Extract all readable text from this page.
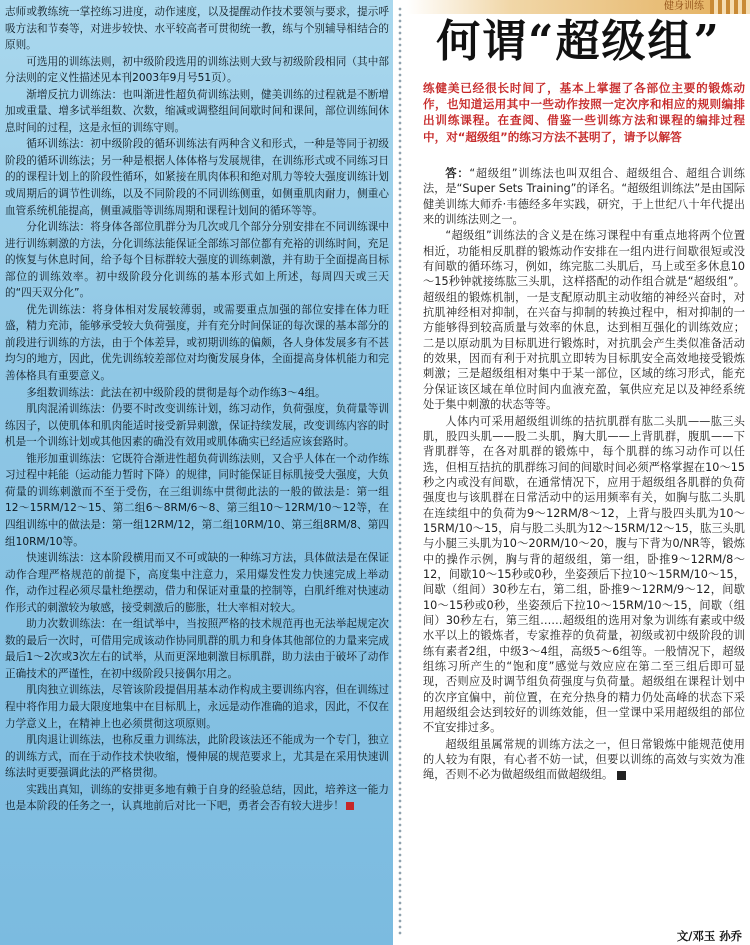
志师或教练统一掌控练习进度，动作速度，以及提醒动作技术要领与要求，提示呼吸方法和节奏等，对进步较快、水平较高者可贯彻统一教，练与个别辅导相结合的原则。

可选用的训练法则，初中级阶段选用的训练法则大致与初级阶段相同（其中部分法则的定义性描述见本刊2003年9月号51页）。

渐增反抗力训练法：也叫渐进性超负荷训练法则，健美训练的过程就是不断增加或重量、增多试举组数、次数，缩减或调整组间间歇时间和课间，部位训练间休息时间的过程，这是永恒的训练守则。

循环训练法：初中级阶段的循环训练法有两种含义和形式，一种是等同于初级阶段的循环训练法；另一种是根据人体体格与发展规律，在训练形式或不同练习日的的课程计划上的阶段性循环，如紧接在肌肉体积和绝对肌力等较大强度训练计划或周期后的调节性训练，以及不同阶段的不同训练侧重，如侧重肌肉耐力，侧重心血管系统机能提高，侧重减脂等训练周期和课程计划间的循环等等。

分化训练法：将身体各部位肌群分为几次或几个部分分别安排在不同训练课中进行训练刺激的方法，分化训练法能保证全部练习部位都有充裕的训练时间，充足的恢复与休息时间，给予每个目标群较大强度的训练刺激，并有助于全面提高目标部位的训练效率。初中级阶段分化训练的基本形式如上所述，每周四天或三天的“四天双分化”。

优先训练法：将身体相对发展较薄弱，或需要重点加强的部位安排在体力旺盛，精力充沛，能够承受较大负荷强度，并有充分时间保证的每次课的基本部分的前段进行训练的方法，由于个体差异，或初期训练的偏颇，各人身体发展多有不甚均匀的地方，因此，优先训练较差部位对均衡发展身体，全面提高身体机能力和完善体格具有重要意义。

多组数训练法：此法在初中级阶段的贯彻是每个动作练3～4组。

肌肉混淆训练法：仍要不时改变训练计划，练习动作，负荷强度，负荷量等训练因子，以使肌体和肌肉能适时接受新异刺激，保证持续发展，改变训练内容的时机是一个训练计划或其他因素的确没有效用或肌体确实已经适应该套路时。

锥形加重训练法：它既符合渐进性超负荷训练法则，又合乎人体在一个动作练习过程中耗能（运动能力暂时下降）的规律，同时能保证目标肌接受大强度，大负荷量的训练刺激而不至于受伤，在三组训练中贯彻此法的一般的做法是：第一组12～15RM/12～15、第二组6～8RM/6～8、第三组10～12RM/10～12等，在四组训练中的做法是：第一组12RM/12，第二组10RM/10、第三组8RM/8、第四组10RM/10等。

快速训练法：这本阶段横用而又不可或缺的一种练习方法，具体做法是在保证动作合理严格规范的前提下，高度集中注意力，采用爆发性发力快速完成上举动作，动作过程必须尽量杜绝摆动，借力和保证对重量的控制等，白肌纤维对快速动作形式的刺激较为敏感，接受刺激后的膨胀，壮大率相对较大。

助力次数训练法：在一组试举中，当按照严格的技术规范再也无法举起规定次数的最后一次时，可借用完成该动作协同肌群的肌力和身体其他部位的力量来完成最后1～2次或3次左右的试举，从而更深地刺激目标肌群，助力法由于破坏了动作正确技术的严谨性，在初中级阶段只接偶尔用之。

肌肉独立训练法，尽管该阶段提倡用基本动作构成主要训练内容，但在训练过程中将作用力最大限度地集中在目标肌上，永远是动作准确的追求，因此，不仅在力学意义上，在精神上也必须贯彻这项原则。

肌肉退让训练法，也称反重力训练法，此阶段该法还不能成为一个专门，独立的训练方式，而在于动作技术快收缩，慢伸展的规范要求上，尤其是在采用快速训练法时更要强调此法的严格贯彻。

实践出真知，训练的安排更多地有赖于自身的经验总结，因此，培养这一能力也是本阶段的任务之一，认真地前后对比一下吧，勇者会否有较大进步！

健身训练
何谓“超级组”
练健美已经很长时间了，基本上掌握了各部位主要的锻炼动作，也知道运用其中一些动作按照一定次序和相应的规则编排出训练课程。在查阅、借鉴一些训练方法和课程的编排过程中，对“超级组”的练习方法不甚明了，请予以解答

答：“超级组”训练法也叫双组合、超级组合、超组合训练法，是“Super Sets Training”的译名。“超级组训练法”是由国际健美训练大师乔·韦德经多年实践，研究，于上世纪八十年代提出来的训练法则之一。

“超级组”训练法的含义是在练习课程中有重点地将两个位置相近，功能相反肌群的锻炼动作安排在一组内进行间歇很短或没有间歇的循环练习，例如，练完肱二头肌后，马上或至多休息10～15秒钟就接练肱三头肌，这样搭配的动作组合就是“超级组”。超级组的锻炼机制，一是支配原动肌主动收缩的神经兴奋时，对抗肌神经相对抑制，在兴奋与抑制的转换过程中，相对抑制的一方能够得到较高质量与效率的休息，达到相互强化的训练效应；二是以原动肌为目标肌进行锻炼时，对抗肌会产生类似准备活动的效果，因而有利于对抗肌立即转为目标肌安全高效地接受锻炼刺激；三是超级组相对集中于某一部位，区域的练习形式，能充分保证该区域在单位时间内血液充盈，氧供应充足以及神经系统处于集中刺激的状态等等。

人体内可采用超级组训练的拮抗肌群有肱二头肌——肱三头肌，股四头肌——股二头肌，胸大肌——上背肌群，腹肌——下背肌群等，在各对肌群的锻炼中，每个肌群的练习动作可以任选，但相互拮抗的肌群练习间的间歇时间必须严格掌握在10～15秒之内或没有间歇，在通常情况下，应用于超级组各肌群的负荷强度也与该肌群在日常活动中的运用频率有关，如胸与肱二头肌在连续组中的负荷为9～12RM/8～12，上背与股四头肌为10～15RM/10～15，肩与股二头肌为12～15RM/12～15，肱三头肌与小腿三头肌为10～20RM/10～20，腹与下背为0/NR等，锻炼中的操作示例，胸与背的超级组，第一组，卧推9～12RM/8～12，间歇10～15秒或0秒，坐姿颈后下拉10～15RM/10～15，间歇（组间）30秒左右，第二组，卧推9～12RM/9～12，间歇10～15秒或0秒，坐姿颈后下拉10～15RM/10～15，间歇（组间）30秒左右，第三组……超级组的选用对象为训练有素或中级水平以上的锻炼者，专家推荐的负荷量，初级或初中级阶段的训练有素者2组，中级3～4组，高级5～6组等。一般情况下，超级组练习所产生的“饱和度”感觉与效应应在第二至三组后即可显现，否则应及时调节组负荷强度与负荷量。超级组在课程计划中的次序宜偏中，前位置，在充分热身的精力仍处高峰的状态下采用超级组会达到较好的训练效能，但一堂课中采用超级组的部位不宜安排过多。

超级组虽属常规的训练方法之一，但日常锻炼中能规范使用的人较为有限，有心者不妨一试，但要以训练的高效与实效为准绳，否则不必为做超级组而做超级组。

文/邓玉 孙乔
